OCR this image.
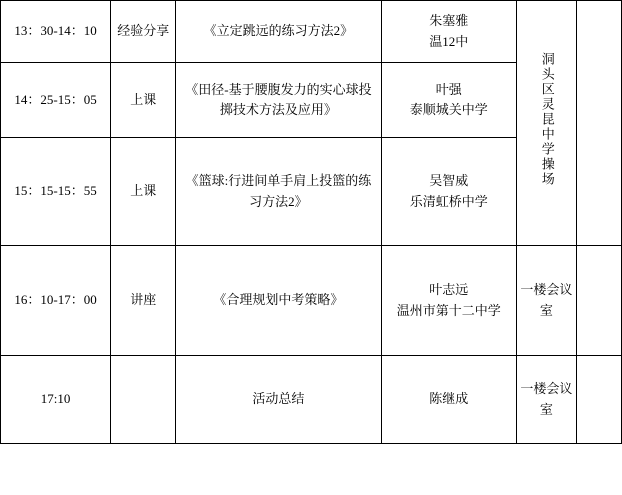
13：30-14：10	经验分享	《立定跳远的练习方法2》	朱塞雅
温12中	洞头区灵昆中学操场	
14：25-15：05	上课	《田径-基于腰腹发力的实心球投掷技术方法及应用》	叶强
泰顺城关中学		

15：15-15：55	上课	《篮球:行进间单手肩上投篮的练习方法2》	吴智威
乐清虹桥中学		

16：10-17：00	讲座	《合理规划中考策略》	叶志远
温州市第十二中学	一楼会议室	
17:10		活动总结	陈继成	一楼会议室	
